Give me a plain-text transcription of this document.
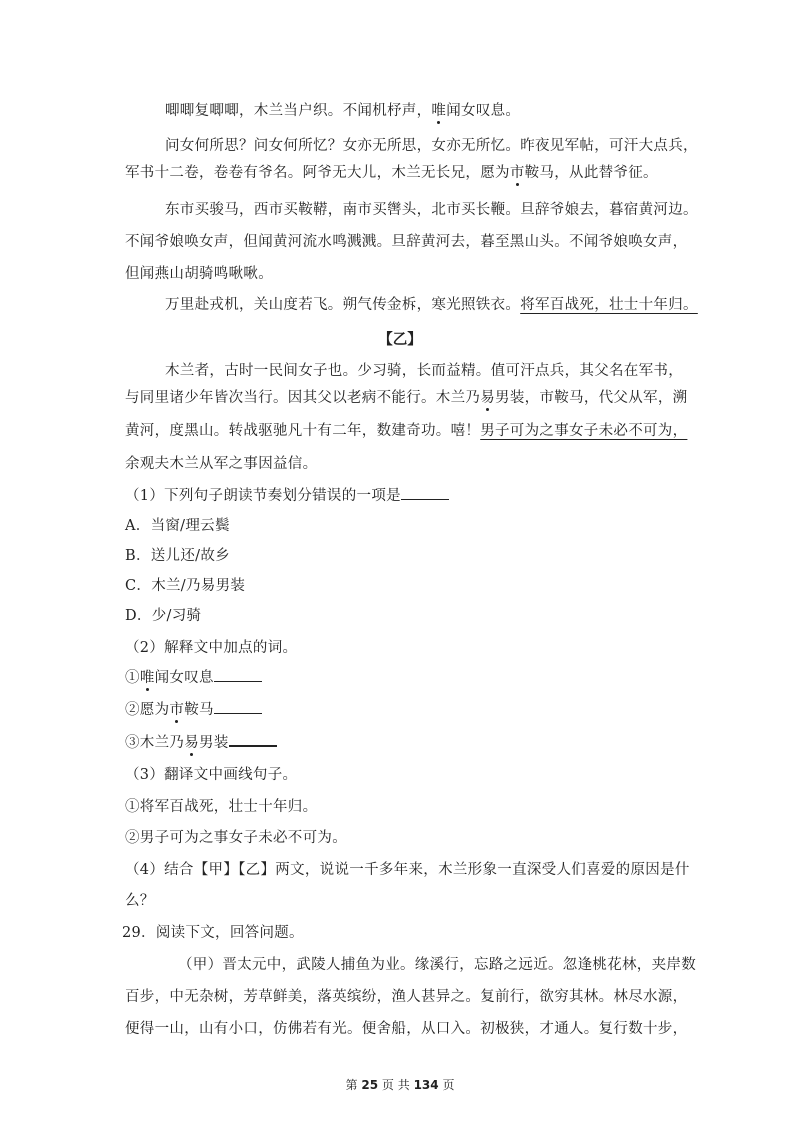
唧唧复唧唧，木兰当户织。不闻机杼声，唯闻女叹息。
问女何所思？问女何所忆？女亦无所思，女亦无所忆。昨夜见军帖，可汗大点兵，
军书十二卷，卷卷有爷名。阿爷无大儿，木兰无长兄，愿为市鞍马，从此替爷征。
东市买骏马，西市买鞍鞯，南市买辔头，北市买长鞭。旦辞爷娘去，暮宿黄河边。
不闻爷娘唤女声，但闻黄河流水鸣溅溅。旦辞黄河去，暮至黑山头。不闻爷娘唤女声，
但闻燕山胡骑鸣啾啾。
万里赴戎机，关山度若飞。朔气传金柝，寒光照铁衣。将军百战死，壮士十年归。
【乙】
木兰者，古时一民间女子也。少习骑，长而益精。值可汗点兵，其父名在军书，
与同里诸少年皆次当行。因其父以老病不能行。木兰乃易男装，市鞍马，代父从军，溯
黄河，度黑山。转战驱驰凡十有二年，数建奇功。嘻！男子可为之事女子未必不可为，
余观夫木兰从军之事因益信。
（1）下列句子朗读节奏划分错误的一项是
A．当窗/理云鬓
B．送儿还/故乡
C．木兰/乃易男装
D．少/习骑
（2）解释文中加点的词。
①唯闻女叹息
②愿为市鞍马
③木兰乃易男装
（3）翻译文中画线句子。
①将军百战死，壮士十年归。
②男子可为之事女子未必不可为。
（4）结合【甲】【乙】两文，说说一千多年来，木兰形象一直深受人们喜爱的原因是什
么？
29．阅读下文，回答问题。
（甲）晋太元中，武陵人捕鱼为业。缘溪行，忘路之远近。忽逢桃花林，夹岸数
百步，中无杂树，芳草鲜美，落英缤纷，渔人甚异之。复前行，欲穷其林。林尽水源，
便得一山，山有小口，仿佛若有光。便舍船，从口入。初极狭，才通人。复行数十步，
第 25 页 共 134 页
